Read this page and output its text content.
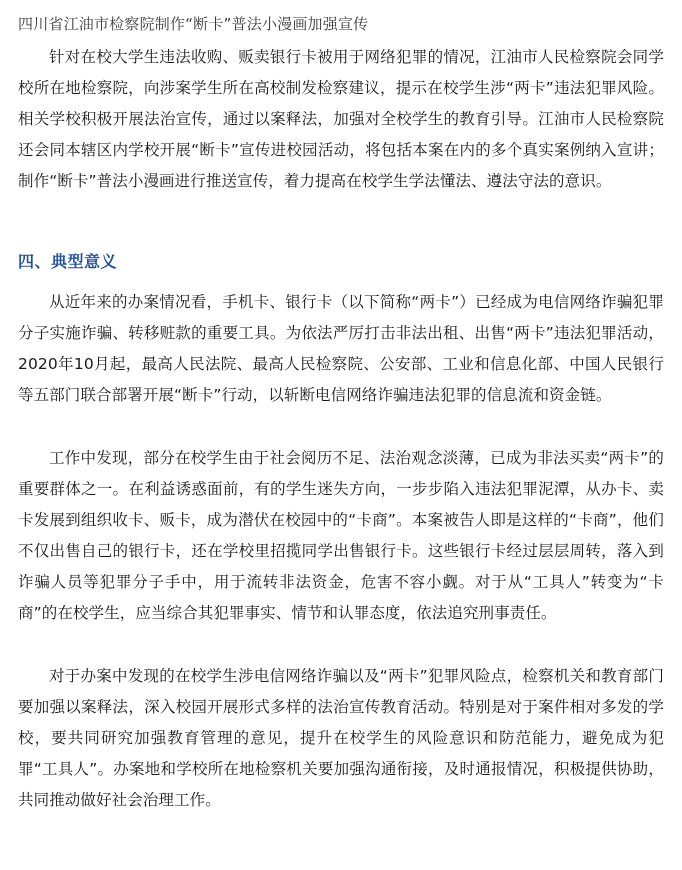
四川省江油市检察院制作“断卡”普法小漫画加强宣传

针对在校大学生违法收购、贩卖银行卡被用于网络犯罪的情况，江油市人民检察院会同学校所在地检察院，向涉案学生所在高校制发检察建议，提示在校学生涉“两卡”违法犯罪风险。相关学校积极开展法治宣传，通过以案释法，加强对全校学生的教育引导。江油市人民检察院还会同本辖区内学校开展“断卡”宣传进校园活动，将包括本案在内的多个真实案例纳入宣讲；制作“断卡”普法小漫画进行推送宣传，着力提高在校学生学法懂法、遵法守法的意识。

四、典型意义

从近年来的办案情况看，手机卡、银行卡（以下简称“两卡”）已经成为电信网络诈骗犯罪分子实施诈骗、转移赃款的重要工具。为依法严厉打击非法出租、出售“两卡”违法犯罪活动，2020年10月起，最高人民法院、最高人民检察院、公安部、工业和信息化部、中国人民银行等五部门联合部署开展“断卡”行动，以斩断电信网络诈骗违法犯罪的信息流和资金链。

工作中发现，部分在校学生由于社会阅历不足、法治观念淡薄，已成为非法买卖“两卡”的重要群体之一。在利益诱惑面前，有的学生迷失方向，一步步陷入违法犯罪泥潭，从办卡、卖卡发展到组织收卡、贩卡，成为潜伏在校园中的“卡商”。本案被告人即是这样的“卡商”，他们不仅出售自己的银行卡，还在学校里招揽同学出售银行卡。这些银行卡经过层层周转，落入到诈骗人员等犯罪分子手中，用于流转非法资金，危害不容小觑。对于从“工具人”转变为“卡商”的在校学生，应当综合其犯罪事实、情节和认罪态度，依法追究刑事责任。

对于办案中发现的在校学生涉电信网络诈骗以及“两卡”犯罪风险点，检察机关和教育部门要加强以案释法，深入校园开展形式多样的法治宣传教育活动。特别是对于案件相对多发的学校，要共同研究加强教育管理的意见，提升在校学生的风险意识和防范能力，避免成为犯罪“工具人”。办案地和学校所在地检察机关要加强沟通衔接，及时通报情况，积极提供协助，共同推动做好社会治理工作。
